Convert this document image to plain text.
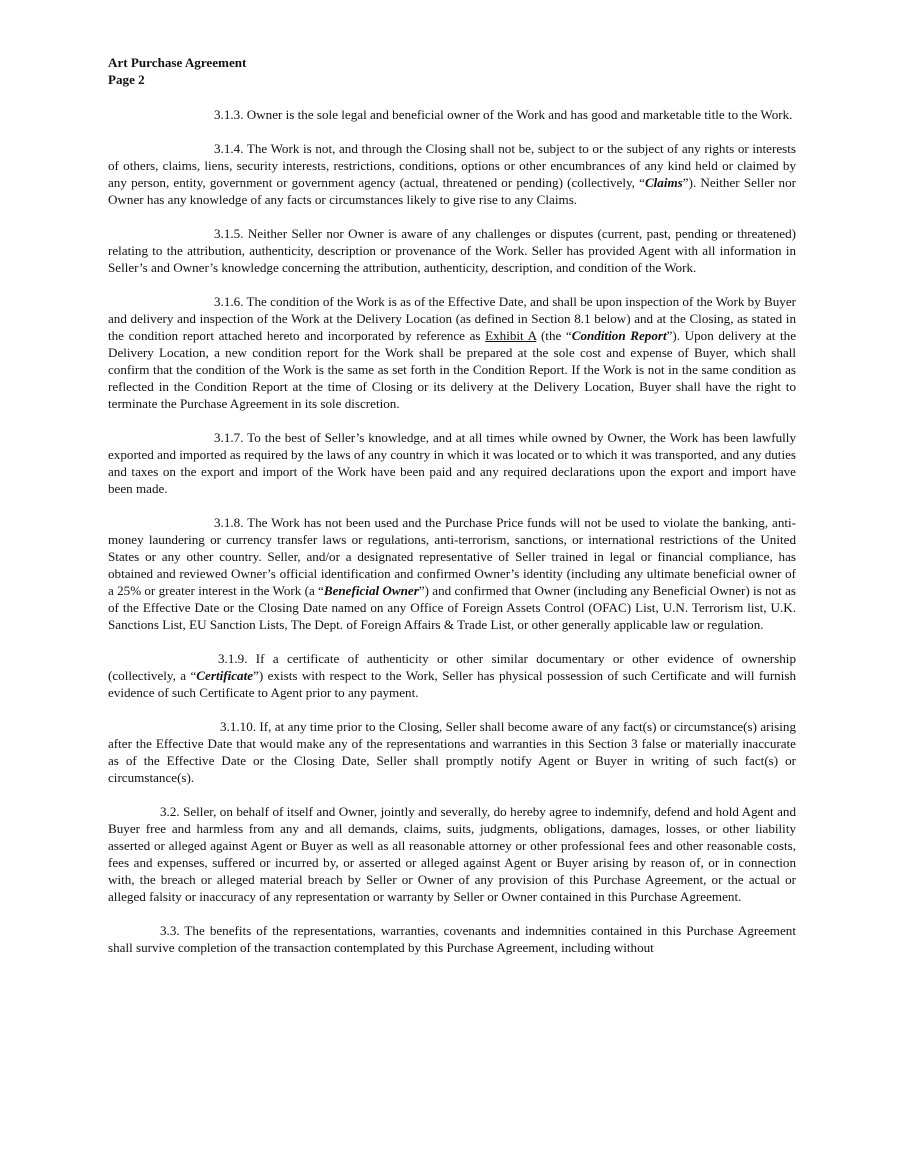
Art Purchase Agreement
Page 2

3.1.3. Owner is the sole legal and beneficial owner of the Work and has good and marketable title to the Work.

3.1.4. The Work is not, and through the Closing shall not be, subject to or the subject of any rights or interests of others, claims, liens, security interests, restrictions, conditions, options or other encumbrances of any kind held or claimed by any person, entity, government or government agency (actual, threatened or pending) (collectively, “Claims”). Neither Seller nor Owner has any knowledge of any facts or circumstances likely to give rise to any Claims.

3.1.5. Neither Seller nor Owner is aware of any challenges or disputes (current, past, pending or threatened) relating to the attribution, authenticity, description or provenance of the Work. Seller has provided Agent with all information in Seller’s and Owner’s knowledge concerning the attribution, authenticity, description, and condition of the Work.

3.1.6. The condition of the Work is as of the Effective Date, and shall be upon inspection of the Work by Buyer and delivery and inspection of the Work at the Delivery Location (as defined in Section 8.1 below) and at the Closing, as stated in the condition report attached hereto and incorporated by reference as Exhibit A (the “Condition Report”). Upon delivery at the Delivery Location, a new condition report for the Work shall be prepared at the sole cost and expense of Buyer, which shall confirm that the condition of the Work is the same as set forth in the Condition Report. If the Work is not in the same condition as reflected in the Condition Report at the time of Closing or its delivery at the Delivery Location, Buyer shall have the right to terminate the Purchase Agreement in its sole discretion.

3.1.7. To the best of Seller’s knowledge, and at all times while owned by Owner, the Work has been lawfully exported and imported as required by the laws of any country in which it was located or to which it was transported, and any duties and taxes on the export and import of the Work have been paid and any required declarations upon the export and import have been made.

3.1.8. The Work has not been used and the Purchase Price funds will not be used to violate the banking, anti-money laundering or currency transfer laws or regulations, anti-terrorism, sanctions, or international restrictions of the United States or any other country. Seller, and/or a designated representative of Seller trained in legal or financial compliance, has obtained and reviewed Owner’s official identification and confirmed Owner’s identity (including any ultimate beneficial owner of a 25% or greater interest in the Work (a “Beneficial Owner”) and confirmed that Owner (including any Beneficial Owner) is not as of the Effective Date or the Closing Date named on any Office of Foreign Assets Control (OFAC) List, U.N. Terrorism list, U.K. Sanctions List, EU Sanction Lists, The Dept. of Foreign Affairs & Trade List, or other generally applicable law or regulation.

3.1.9. If a certificate of authenticity or other similar documentary or other evidence of ownership (collectively, a “Certificate”) exists with respect to the Work, Seller has physical possession of such Certificate and will furnish evidence of such Certificate to Agent prior to any payment.

3.1.10. If, at any time prior to the Closing, Seller shall become aware of any fact(s) or circumstance(s) arising after the Effective Date that would make any of the representations and warranties in this Section 3 false or materially inaccurate as of the Effective Date or the Closing Date, Seller shall promptly notify Agent or Buyer in writing of such fact(s) or circumstance(s).

3.2. Seller, on behalf of itself and Owner, jointly and severally, do hereby agree to indemnify, defend and hold Agent and Buyer free and harmless from any and all demands, claims, suits, judgments, obligations, damages, losses, or other liability asserted or alleged against Agent or Buyer as well as all reasonable attorney or other professional fees and other reasonable costs, fees and expenses, suffered or incurred by, or asserted or alleged against Agent or Buyer arising by reason of, or in connection with, the breach or alleged material breach by Seller or Owner of any provision of this Purchase Agreement, or the actual or alleged falsity or inaccuracy of any representation or warranty by Seller or Owner contained in this Purchase Agreement.

3.3. The benefits of the representations, warranties, covenants and indemnities contained in this Purchase Agreement shall survive completion of the transaction contemplated by this Purchase Agreement, including without
